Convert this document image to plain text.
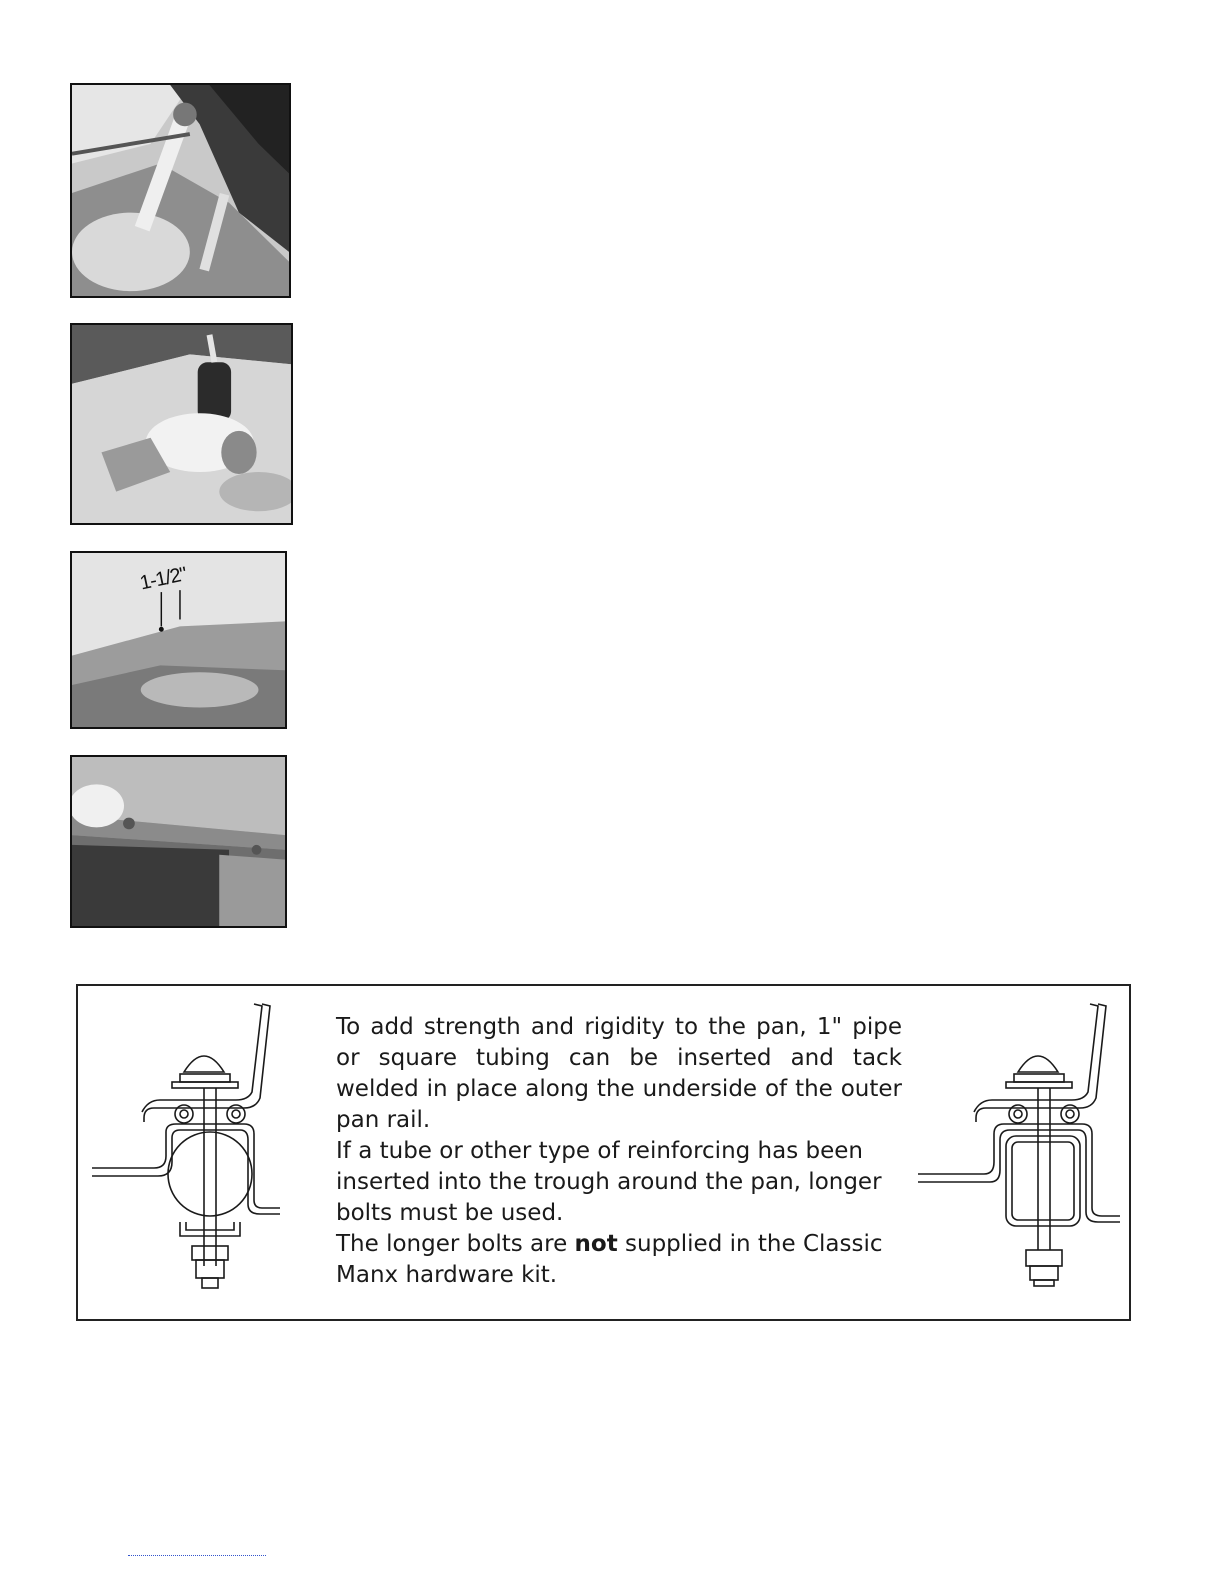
1-1/2"

To add strength and rigidity to the pan, 1" pipe or square tubing can be inserted and tack welded in place along the underside of the outer pan rail.

If a tube or other type of reinforcing has been inserted into the trough around the pan, longer bolts must be used.

The longer bolts are not supplied in the Classic Manx hardware kit.
